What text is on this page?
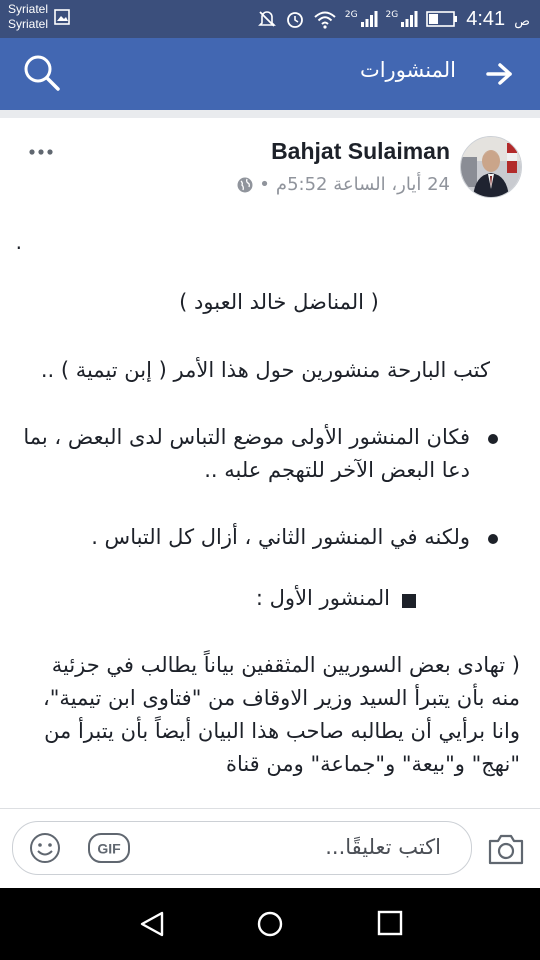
Syriatel
Syriatel
2G	2G	ص 4:41
المنشورات
Bahjat Sulaiman
24 أيار، الساعة 5:52م
•
.

( المناضل خالد العبود )

كتب البارحة منشورين حول هذا الأمر ( إبن تيمية ) ..

فكان المنشور الأولى موضع التباس لدى البعض ، بما دعا البعض الآخر للتهجم علبه ..

ولكنه في المنشور الثاني ، أزال كل التباس .

المنشور الأول :

( تهادى بعض السوريين المثقفين بياناً يطالب في جزئية منه بأن يتبرأ السيد وزير الاوقاف من "فتاوى ابن تيمية"، وانا برأيي أن يطالبه صاحب هذا البيان أيضاً بأن يتبرأ من "نهج" و"بيعة" و"جماعة" ومن قناة

GIF	اكتب تعليقًا...
